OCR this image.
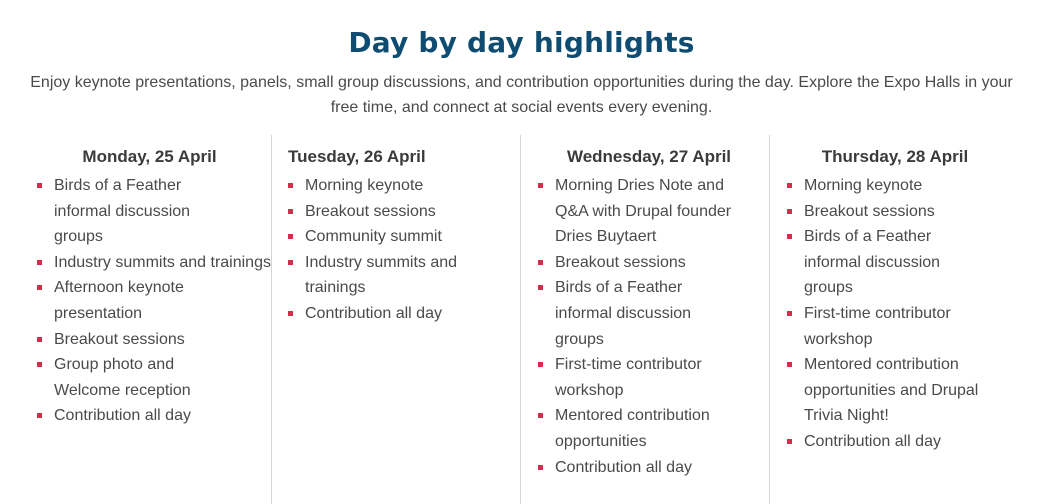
Day by day highlights

Enjoy keynote presentations, panels, small group discussions, and contribution opportunities during the day. Explore the Expo Halls in your free time, and connect at social events every evening.

Monday, 25 April
Birds of a Feather informal discussion groups
Industry summits and trainings
Afternoon keynote presentation
Breakout sessions
Group photo and Welcome reception
Contribution all day
Tuesday, 26 April
Morning keynote
Breakout sessions
Community summit
Industry summits and trainings
Contribution all day
Wednesday, 27 April
Morning Dries Note and Q&A with Drupal founder Dries Buytaert
Breakout sessions
Birds of a Feather informal discussion groups
First-time contributor workshop
Mentored contribution opportunities
Contribution all day
Thursday, 28 April
Morning keynote
Breakout sessions
Birds of a Feather informal discussion groups
First-time contributor workshop
Mentored contribution opportunities and Drupal Trivia Night!
Contribution all day
